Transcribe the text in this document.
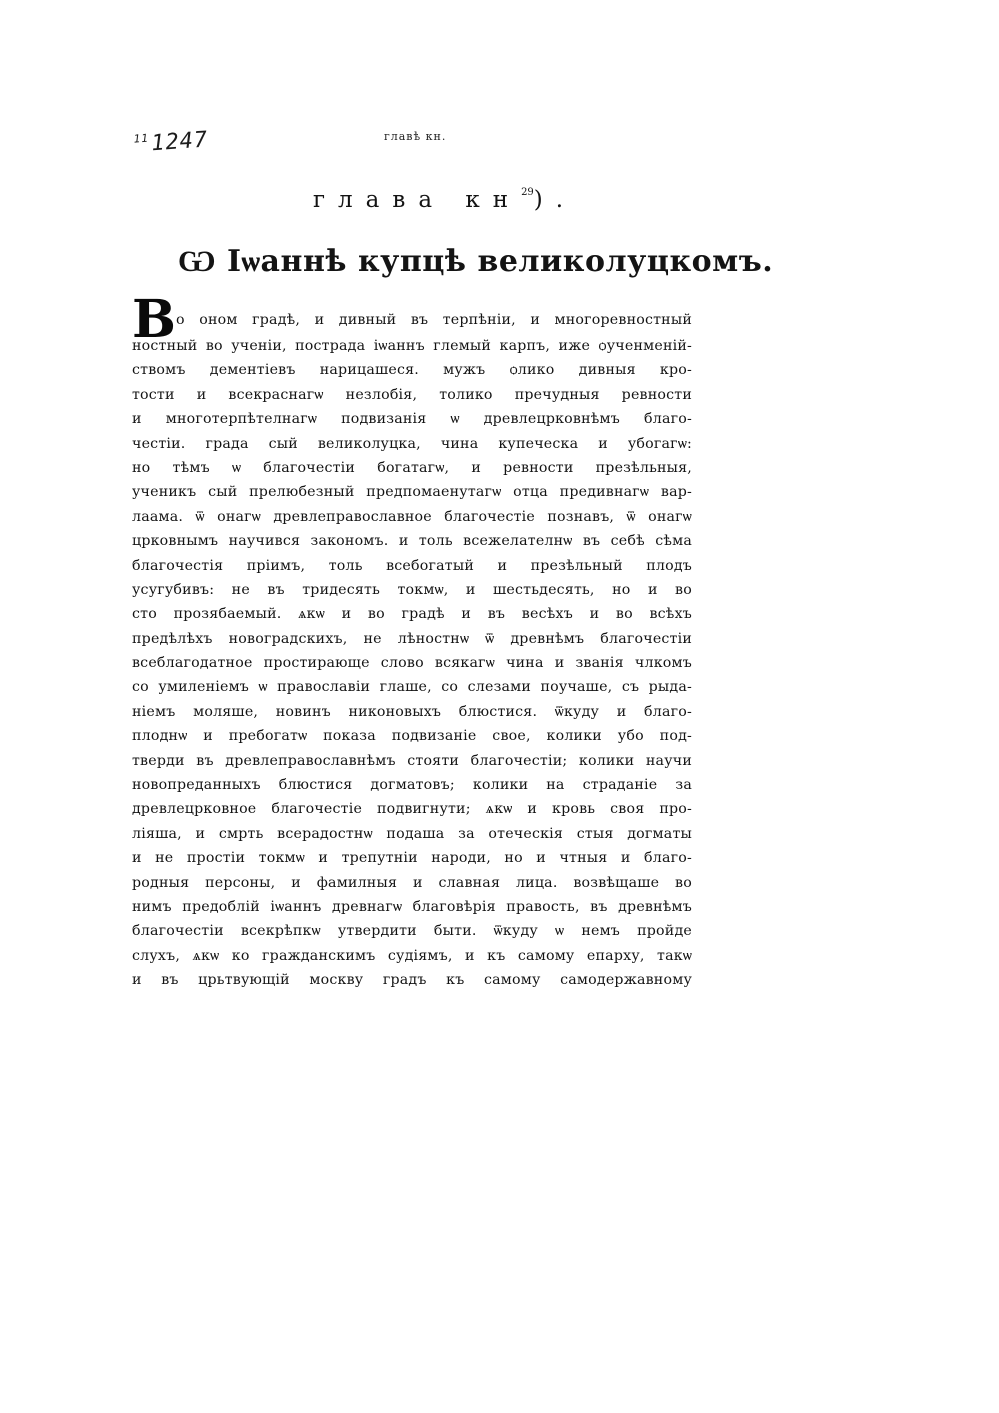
$^{11}$1247	главѣ кн.
глава $кн^{29}$).
Ѡ Іѡаннѣ купцѣ великолуцкомъ.
В о оном градѣ, и дивный въ терпѣніи, и многоревностный
ностный во ученіи, пострада іѡаннъ глемый карпъ, иже ѻученменій-
ствомъ дементіевъ нарицашеся. мужъ ѻлико дивныя кро-
тости и всекраснагѡ незлобія, толико пречудныя ревности
и многотерпѣтелнагѡ подвизанія ѡ древлецрковнѣмъ благо-
честіи. града сый великолуцка, чина купеческа и убогагѡ:
но тѣмъ ѡ благочестіи богатагѡ, и ревности презѣльныя,
ученикъ сый прелюбезный предпомаенутагѡ отца предивнагѡ вар-
лаама. ѿ онагѡ древлеправославное благочестіе познавъ, ѿ онагѡ
црковнымъ научився закономъ. и толь всежелателнѡ въ себѣ сѣма
благочестія пріимъ, толь всебогатый и презѣльный плодъ
усугубивъ: не въ тридесять токмѡ, и шестьдесять, но и во
сто прозябаемый. ѧкѡ и во градѣ и въ весѣхъ и во всѣхъ
предѣлѣхъ новоградскихъ, не лѣностнѡ ѿ древнѣмъ благочестіи
всеблагодатное простирающе слово всякагѡ чина и званія члкомъ
со умиленіемъ ѡ православіи глаше, со слезами поучаше, съ рыда-
ніемъ моляше, новинъ никоновыхъ блюстися. ѿкуду и благо-
плоднѡ и пребогатѡ показа подвизаніе свое, колики убо под-
тверди въ древлеправославнѣмъ стояти благочестіи; колики научи
новопреданныхъ блюстися догматовъ; колики на страданіе за
древлецрковное благочестіе подвигнути; ѧкѡ и кровь своя про-
ліяша, и смрть всерадостнѡ подаша за отеческія стыя догматы
и не простіи токмѡ и трепутніи народи, но и чтныя и благо-
родныя персоны, и фамилныя и славная лица. возвѣщаше во
нимъ предоблій іѡаннъ древнагѡ благовѣрія правость, въ древнѣмъ
благочестіи всекрѣпкѡ утвердити быти. ѿкуду ѡ немъ пройде
слухъ, ѧкѡ ко гражданскимъ судіямъ, и къ самому епарху, такѡ
и въ црьтвующій москву градъ къ самому самодержавному
